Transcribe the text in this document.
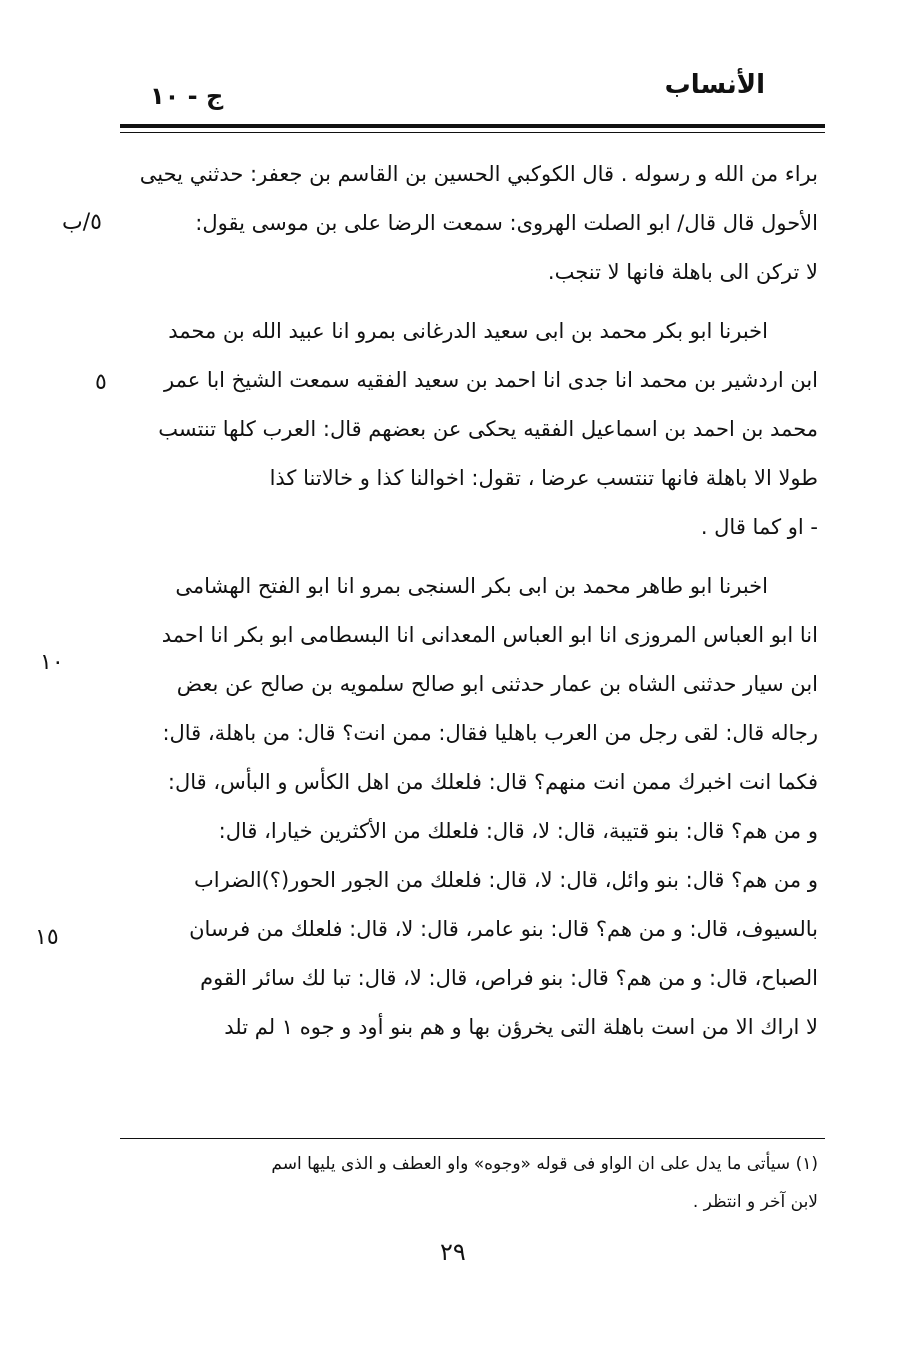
الأنساب
ج - ١٠
٥/ب
٥
١٠
١٥
براء من الله و رسوله . قال الكوكبي الحسين بن القاسم بن جعفر: حدثني يحيى
الأحول قال قال/ ابو الصلت الهروى: سمعت الرضا على بن موسى يقول:
لا تركن الى باهلة فانها لا تنجب.
اخبرنا ابو بكر محمد بن ابى سعيد الدرغانى بمرو انا عبيد الله بن محمد
ابن اردشير بن محمد انا جدى انا احمد بن سعيد الفقيه سمعت الشيخ ابا عمر
محمد بن احمد بن اسماعيل الفقيه يحكى عن بعضهم قال: العرب كلها تنتسب
طولا الا باهلة فانها تنتسب عرضا ، تقول: اخوالنا كذا و خالاتنا كذا
- او كما قال .
اخبرنا ابو طاهر محمد بن ابى بكر السنجى بمرو انا ابو الفتح الهشامى
انا ابو العباس المروزى انا ابو العباس المعدانى انا البسطامى ابو بكر انا احمد
ابن سيار حدثنى الشاه بن عمار حدثنى ابو صالح سلمويه بن صالح عن بعض
رجاله قال: لقى رجل من العرب باهليا فقال: ممن انت؟ قال: من باهلة، قال:
فكما انت اخبرك ممن انت منهم؟ قال: فلعلك من اهل الكأس و البأس، قال:
و من هم؟ قال: بنو قتيبة، قال: لا، قال: فلعلك من الأكثرين خيارا، قال:
و من هم؟ قال: بنو وائل، قال: لا، قال: فلعلك من الجور الحور(؟)الضراب
بالسيوف، قال: و من هم؟ قال: بنو عامر، قال: لا، قال: فلعلك من فرسان
الصباح، قال: و من هم؟ قال: بنو فراص، قال: لا، قال: تبا لك سائر القوم
لا اراك الا من است باهلة التى يخرؤن بها و هم بنو أود و جوه ١ لم تلد
(١) سيأتى ما يدل على ان الواو فى قوله «وجوه» واو العطف و الذى يليها اسم
لابن آخر و انتظر .
٢٩
